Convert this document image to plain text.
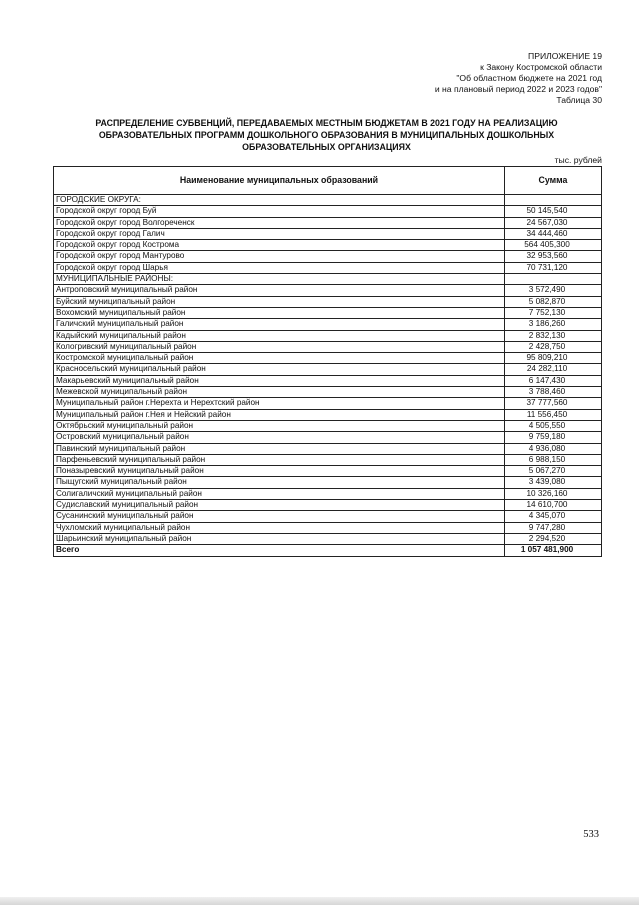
ПРИЛОЖЕНИЕ 19
к Закону Костромской области
"Об областном бюджете на 2021 год
и на плановый период 2022 и 2023 годов"
Таблица 30
РАСПРЕДЕЛЕНИЕ СУБВЕНЦИЙ, ПЕРЕДАВАЕМЫХ МЕСТНЫМ БЮДЖЕТАМ В 2021 ГОДУ НА РЕАЛИЗАЦИЮ
ОБРАЗОВАТЕЛЬНЫХ ПРОГРАММ ДОШКОЛЬНОГО ОБРАЗОВАНИЯ В МУНИЦИПАЛЬНЫХ ДОШКОЛЬНЫХ
ОБРАЗОВАТЕЛЬНЫХ ОРГАНИЗАЦИЯХ
тыс. рублей
Наименование муниципальных образований	Сумма
ГОРОДСКИЕ ОКРУГА:	
Городской округ город Буй	50 145,540
Городской округ город Волгореченск	24 567,030
Городской округ город Галич	34 444,460
Городской округ город Кострома	564 405,300
Городской округ город Мантурово	32 953,560
Городской округ город Шарья	70 731,120
МУНИЦИПАЛЬНЫЕ РАЙОНЫ:	
Антроповский муниципальный район	3 572,490
Буйский муниципальный район	5 082,870
Вохомский муниципальный район	7 752,130
Галичский муниципальный район	3 186,260
Кадыйский муниципальный район	2 832,130
Кологривский муниципальный район	2 428,750
Костромской муниципальный район	95 809,210
Красносельский муниципальный район	24 282,110
Макарьевский муниципальный район	6 147,430
Межевской муниципальный район	3 788,460
Муниципальный район г.Нерехта и Нерехтский район	37 777,560
Муниципальный район г.Нея и Нейский район	11 556,450
Октябрьский муниципальный район	4 505,550
Островский муниципальный район	9 759,180
Павинский муниципальный район	4 936,080
Парфеньевский муниципальный район	6 988,150
Поназыревский муниципальный район	5 067,270
Пыщугский муниципальный район	3 439,080
Солигаличский муниципальный район	10 326,160
Судиславский муниципальный район	14 610,700
Сусанинский муниципальный район	4 345,070
Чухломский муниципальный район	9 747,280
Шарьинский муниципальный район	2 294,520
Всего	1 057 481,900
533
